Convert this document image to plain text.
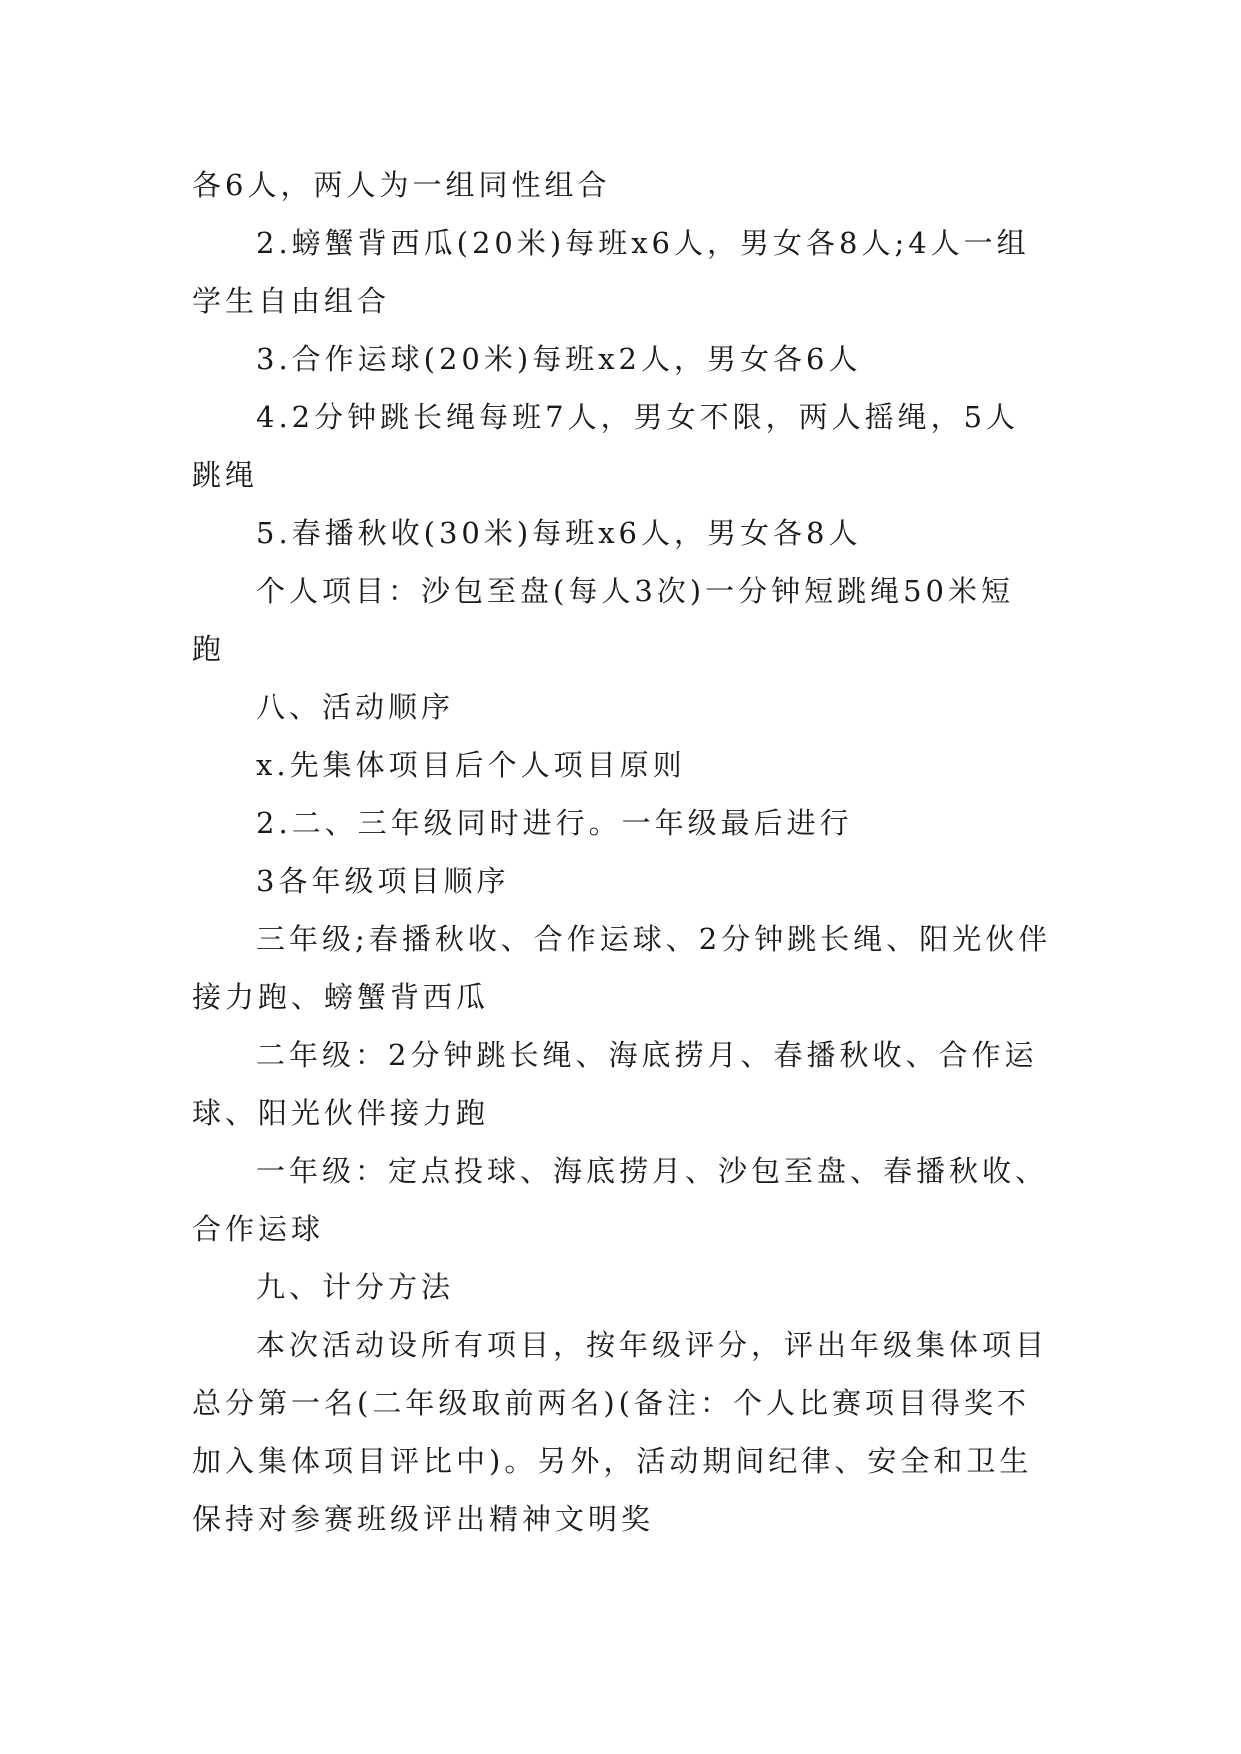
各6人，两人为一组同性组合
2.螃蟹背西瓜(20米)每班x6人，男女各8人;4人一组
学生自由组合
3.合作运球(20米)每班x2人，男女各6人
4.2分钟跳长绳每班7人，男女不限，两人摇绳，5人
跳绳
5.春播秋收(30米)每班x6人，男女各8人
个人项目：沙包至盘(每人3次)一分钟短跳绳50米短
跑
八、活动顺序
x.先集体项目后个人项目原则
2.二、三年级同时进行。一年级最后进行
3各年级项目顺序
三年级;春播秋收、合作运球、2分钟跳长绳、阳光伙伴
接力跑、螃蟹背西瓜
二年级：2分钟跳长绳、海底捞月、春播秋收、合作运
球、阳光伙伴接力跑
一年级：定点投球、海底捞月、沙包至盘、春播秋收、
合作运球
九、计分方法
本次活动设所有项目，按年级评分，评出年级集体项目
总分第一名(二年级取前两名)(备注：个人比赛项目得奖不
加入集体项目评比中)。另外，活动期间纪律、安全和卫生
保持对参赛班级评出精神文明奖
